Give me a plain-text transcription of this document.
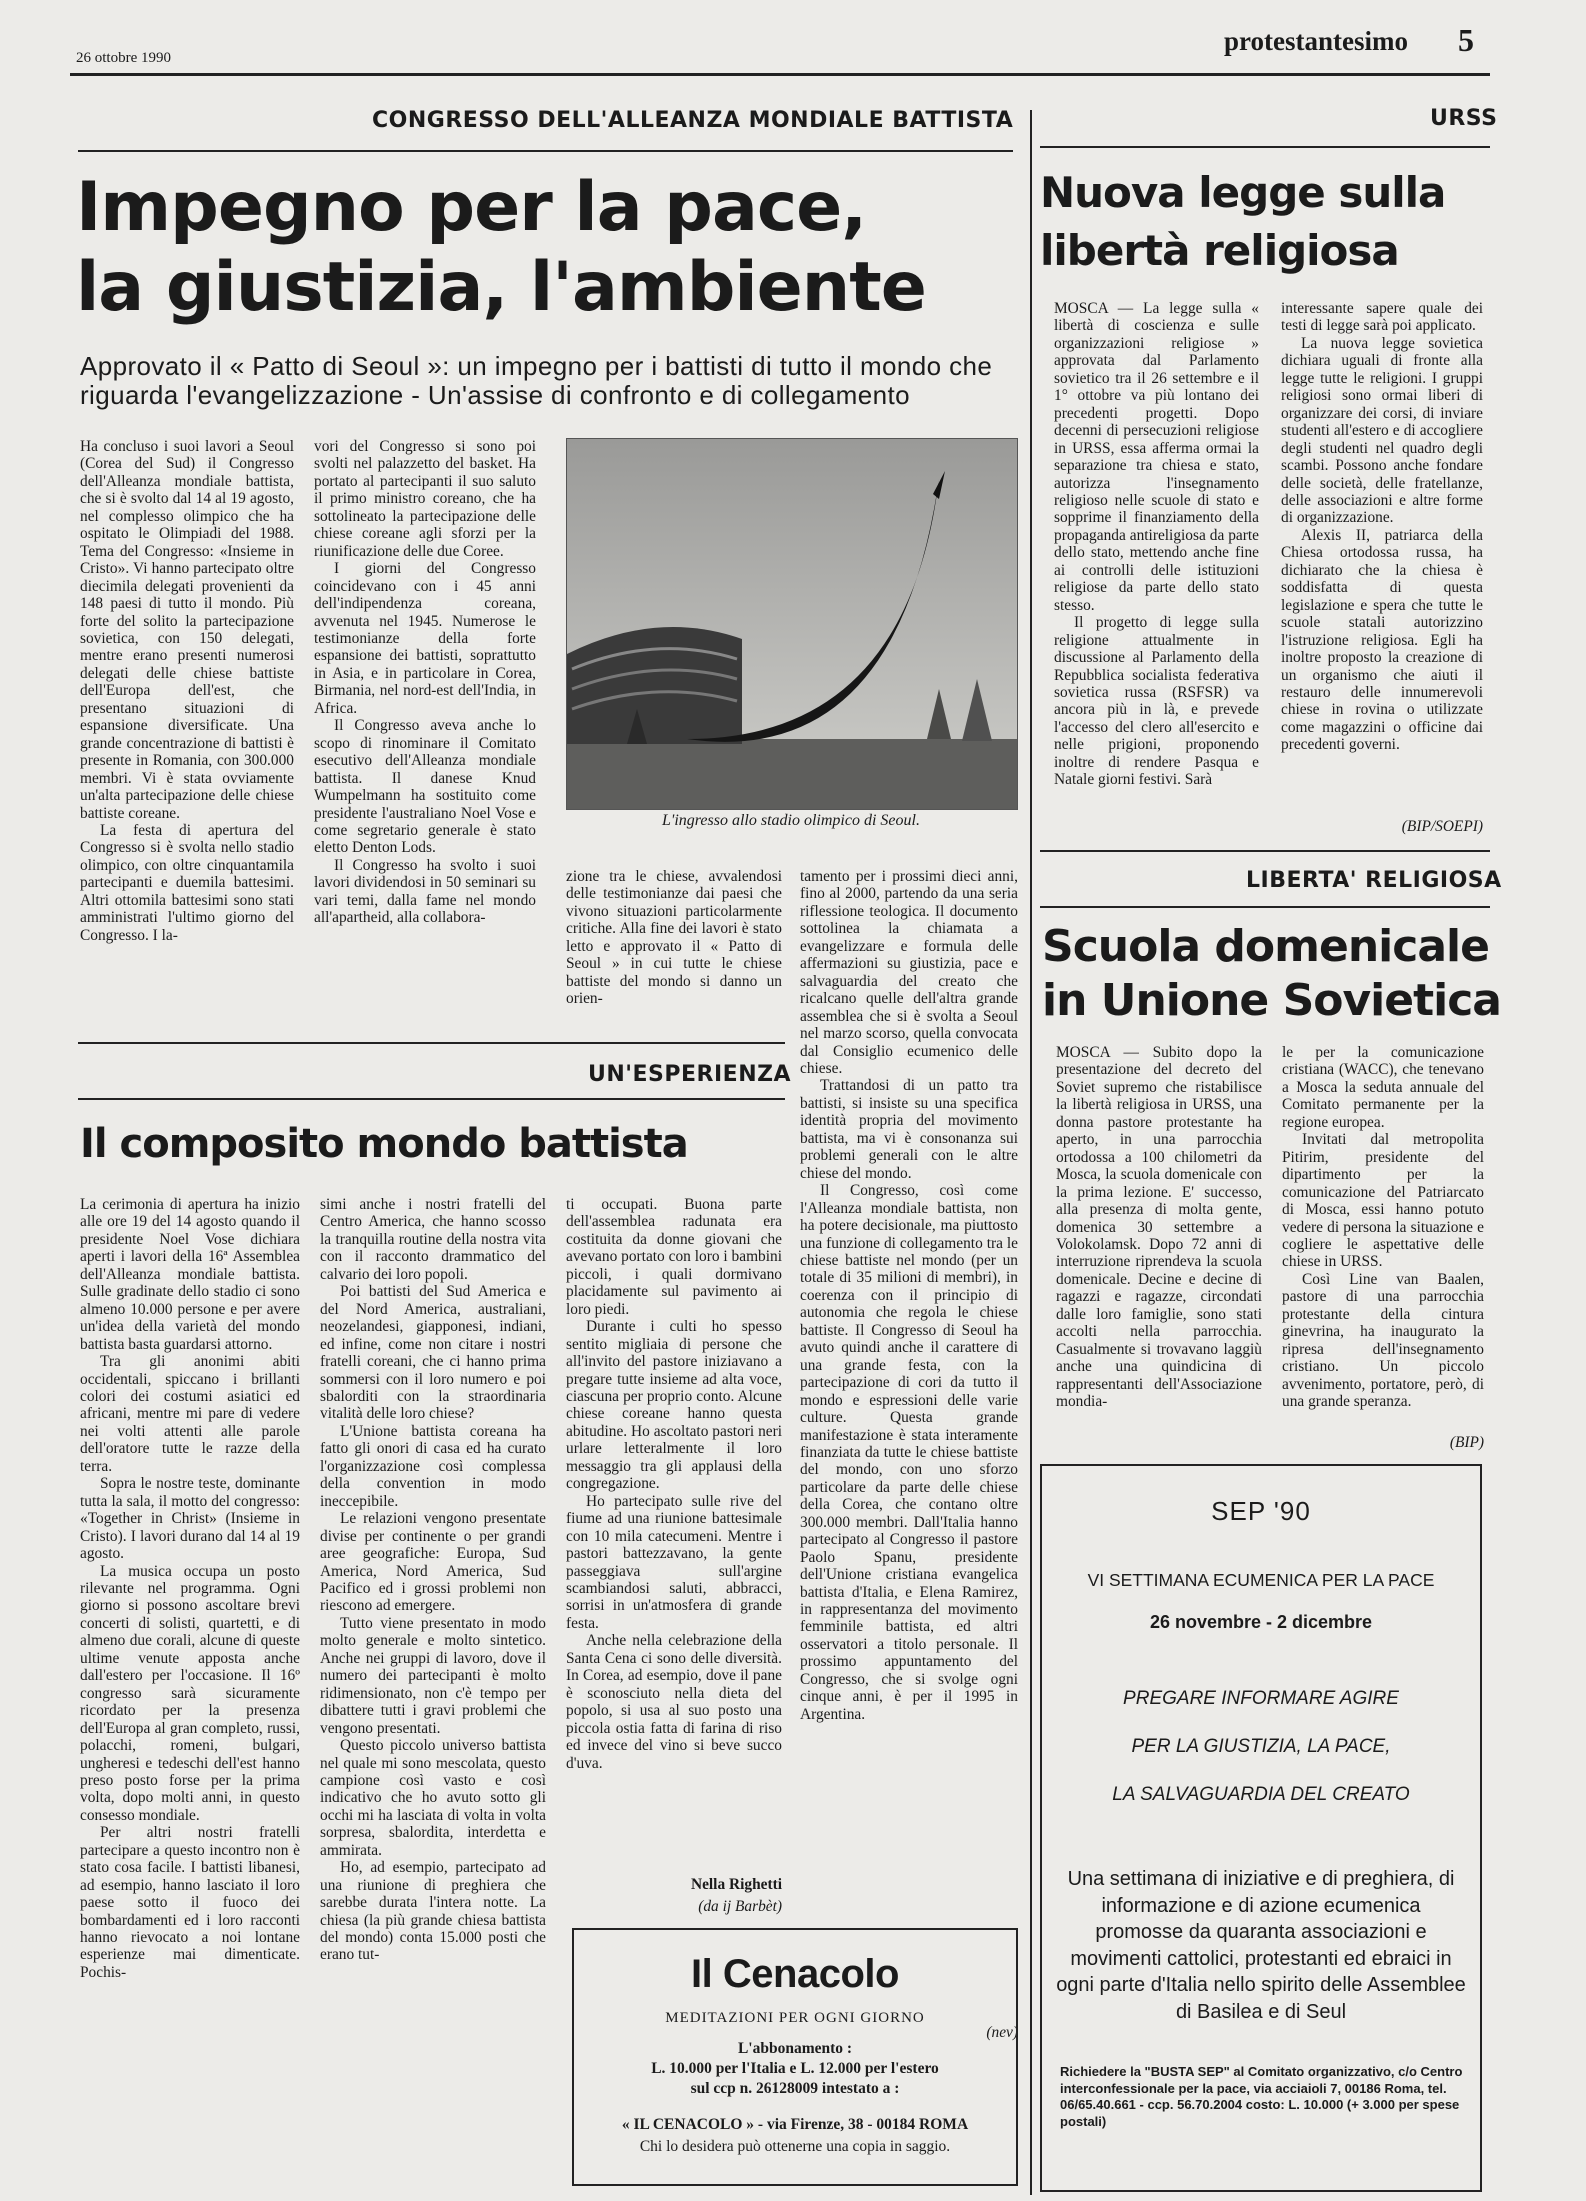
26 ottobre 1990
protestantesimo 5
CONGRESSO DELL'ALLEANZA MONDIALE BATTISTA
Impegno per la pace,
la giustizia, l'ambiente
Approvato il « Patto di Seoul »: un impegno per i battisti di tutto il mondo che riguarda l'evangelizzazione - Un'assise di confronto e di collegamento

Ha concluso i suoi lavori a Seoul (Corea del Sud) il Congresso dell'Alleanza mondiale battista, che si è svolto dal 14 al 19 agosto, nel complesso olimpico che ha ospitato le Olimpiadi del 1988. Tema del Congresso: «Insieme in Cristo». Vi hanno partecipato oltre diecimila delegati provenienti da 148 paesi di tutto il mondo. Più forte del solito la partecipazione sovietica, con 150 delegati, mentre erano presenti numerosi delegati delle chiese battiste dell'Europa dell'est, che presentano situazioni di espansione diversificate. Una grande concentrazione di battisti è presente in Romania, con 300.000 membri. Vi è stata ovviamente un'alta partecipazione delle chiese battiste coreane.

La festa di apertura del Congresso si è svolta nello stadio olimpico, con oltre cinquantamila partecipanti e duemila battesimi. Altri ottomila battesimi sono stati amministrati l'ultimo giorno del Congresso. I la-

vori del Congresso si sono poi svolti nel palazzetto del basket. Ha portato al partecipanti il suo saluto il primo ministro coreano, che ha sottolineato la partecipazione delle chiese coreane agli sforzi per la riunificazione delle due Coree.

I giorni del Congresso coincidevano con i 45 anni dell'indipendenza coreana, avvenuta nel 1945. Numerose le testimonianze della forte espansione dei battisti, soprattutto in Asia, e in particolare in Corea, Birmania, nel nord-est dell'India, in Africa.

Il Congresso aveva anche lo scopo di rinominare il Comitato esecutivo dell'Alleanza mondiale battista. Il danese Knud Wumpelmann ha sostituito come presidente l'australiano Noel Vose e come segretario generale è stato eletto Denton Lods.

Il Congresso ha svolto i suoi lavori dividendosi in 50 seminari su vari temi, dalla fame nel mondo all'apartheid, alla collabora-

L'ingresso allo stadio olimpico di Seoul.

zione tra le chiese, avvalendosi delle testimonianze dai paesi che vivono situazioni particolarmente critiche. Alla fine dei lavori è stato letto e approvato il « Patto di Seoul » in cui tutte le chiese battiste del mondo si danno un orien-

tamento per i prossimi dieci anni, fino al 2000, partendo da una seria riflessione teologica. Il documento sottolinea la chiamata a evangelizzare e formula delle affermazioni su giustizia, pace e salvaguardia del creato che ricalcano quelle dell'altra grande assemblea che si è svolta a Seoul nel marzo scorso, quella convocata dal Consiglio ecumenico delle chiese.

Trattandosi di un patto tra battisti, si insiste su una specifica identità propria del movimento battista, ma vi è consonanza sui problemi generali con le altre chiese del mondo.

Il Congresso, così come l'Alleanza mondiale battista, non ha potere decisionale, ma piuttosto una funzione di collegamento tra le chiese battiste nel mondo (per un totale di 35 milioni di membri), in coerenza con il principio di autonomia che regola le chiese battiste. Il Congresso di Seoul ha avuto quindi anche il carattere di una grande festa, con la partecipazione di cori da tutto il mondo e espressioni delle varie culture. Questa grande manifestazione è stata interamente finanziata da tutte le chiese battiste del mondo, con uno sforzo particolare da parte delle chiese della Corea, che contano oltre 300.000 membri. Dall'Italia hanno partecipato al Congresso il pastore Paolo Spanu, presidente dell'Unione cristiana evangelica battista d'Italia, e Elena Ramirez, in rappresentanza del movimento femminile battista, ed altri osservatori a titolo personale. Il prossimo appuntamento del Congresso, che si svolge ogni cinque anni, è per il 1995 in Argentina.

(nev)
URSS
Nuova legge sulla
libertà religiosa

MOSCA — La legge sulla « libertà di coscienza e sulle organizzazioni religiose » approvata dal Parlamento sovietico tra il 26 settembre e il 1° ottobre va più lontano dei precedenti progetti. Dopo decenni di persecuzioni religiose in URSS, essa afferma ormai la separazione tra chiesa e stato, autorizza l'insegnamento religioso nelle scuole di stato e sopprime il finanziamento della propaganda antireligiosa da parte dello stato, mettendo anche fine ai controlli delle istituzioni religiose da parte dello stato stesso.

Il progetto di legge sulla religione attualmente in discussione al Parlamento della Repubblica socialista federativa sovietica russa (RSFSR) va ancora più in là, e prevede l'accesso del clero all'esercito e nelle prigioni, proponendo inoltre di rendere Pasqua e Natale giorni festivi. Sarà

interessante sapere quale dei testi di legge sarà poi applicato.

La nuova legge sovietica dichiara uguali di fronte alla legge tutte le religioni. I gruppi religiosi sono ormai liberi di organizzare dei corsi, di inviare studenti all'estero e di accogliere degli studenti nel quadro degli scambi. Possono anche fondare delle società, delle fratellanze, delle associazioni e altre forme di organizzazione.

Alexis II, patriarca della Chiesa ortodossa russa, ha dichiarato che la chiesa è soddisfatta di questa legislazione e spera che tutte le scuole statali autorizzino l'istruzione religiosa. Egli ha inoltre proposto la creazione di un organismo che aiuti il restauro delle innumerevoli chiese in rovina o utilizzate come magazzini o officine dai precedenti governi.

(BIP/SOEPI)
LIBERTA' RELIGIOSA
Scuola domenicale
in Unione Sovietica

MOSCA — Subito dopo la presentazione del decreto del Soviet supremo che ristabilisce la libertà religiosa in URSS, una donna pastore protestante ha aperto, in una parrocchia ortodossa a 100 chilometri da Mosca, la scuola domenicale con la prima lezione. E' successo, alla presenza di molta gente, domenica 30 settembre a Volokolamsk. Dopo 72 anni di interruzione riprendeva la scuola domenicale. Decine e decine di ragazzi e ragazze, circondati dalle loro famiglie, sono stati accolti nella parrocchia. Casualmente si trovavano laggiù anche una quindicina di rappresentanti dell'Associazione mondia-

le per la comunicazione cristiana (WACC), che tenevano a Mosca la seduta annuale del Comitato permanente per la regione europea.

Invitati dal metropolita Pitirim, presidente del dipartimento per la comunicazione del Patriarcato di Mosca, essi hanno potuto vedere di persona la situazione e cogliere le aspettative delle chiese in URSS.

Così Line van Baalen, pastore di una parrocchia protestante della cintura ginevrina, ha inaugurato la ripresa dell'insegnamento cristiano. Un piccolo avvenimento, portatore, però, di una grande speranza.

(BIP)
SEP '90
VI SETTIMANA ECUMENICA PER LA PACE
26 novembre - 2 dicembre
PREGARE INFORMARE AGIRE
PER LA GIUSTIZIA, LA PACE,
LA SALVAGUARDIA DEL CREATO
Una settimana di iniziative e di preghiera, di informazione e di azione ecumenica promosse da quaranta associazioni e movimenti cattolici, protestanti ed ebraici in ogni parte d'Italia nello spirito delle Assemblee di Basilea e di Seul
Richiedere la "BUSTA SEP" al Comitato organizzativo, c/o Centro interconfessionale per la pace, via acciaioli 7, 00186 Roma, tel. 06/65.40.661 - ccp. 56.70.2004 costo: L. 10.000 (+ 3.000 per spese postali)
UN'ESPERIENZA
Il composito mondo battista

La cerimonia di apertura ha inizio alle ore 19 del 14 agosto quando il presidente Noel Vose dichiara aperti i lavori della 16ª Assemblea dell'Alleanza mondiale battista. Sulle gradinate dello stadio ci sono almeno 10.000 persone e per avere un'idea della varietà del mondo battista basta guardarsi attorno.

Tra gli anonimi abiti occidentali, spiccano i brillanti colori dei costumi asiatici ed africani, mentre mi pare di vedere nei volti attenti alle parole dell'oratore tutte le razze della terra.

Sopra le nostre teste, dominante tutta la sala, il motto del congresso: «Together in Christ» (Insieme in Cristo). I lavori durano dal 14 al 19 agosto.

La musica occupa un posto rilevante nel programma. Ogni giorno si possono ascoltare brevi concerti di solisti, quartetti, e di almeno due corali, alcune di queste ultime venute apposta anche dall'estero per l'occasione. Il 16º congresso sarà sicuramente ricordato per la presenza dell'Europa al gran completo, russi, polacchi, romeni, bulgari, ungheresi e tedeschi dell'est hanno preso posto forse per la prima volta, dopo molti anni, in questo consesso mondiale.

Per altri nostri fratelli partecipare a questo incontro non è stato cosa facile. I battisti libanesi, ad esempio, hanno lasciato il loro paese sotto il fuoco dei bombardamenti ed i loro racconti hanno rievocato a noi lontane esperienze mai dimenticate. Pochis-

simi anche i nostri fratelli del Centro America, che hanno scosso la tranquilla routine della nostra vita con il racconto drammatico del calvario dei loro popoli.

Poi battisti del Sud America e del Nord America, australiani, neozelandesi, giapponesi, indiani, ed infine, come non citare i nostri fratelli coreani, che ci hanno prima sommersi con il loro numero e poi sbalorditi con la straordinaria vitalità delle loro chiese?

L'Unione battista coreana ha fatto gli onori di casa ed ha curato l'organizzazione così complessa della convention in modo ineccepibile.

Le relazioni vengono presentate divise per continente o per grandi aree geografiche: Europa, Sud America, Nord America, Sud Pacifico ed i grossi problemi non riescono ad emergere.

Tutto viene presentato in modo molto generale e molto sintetico. Anche nei gruppi di lavoro, dove il numero dei partecipanti è molto ridimensionato, non c'è tempo per dibattere tutti i gravi problemi che vengono presentati.

Questo piccolo universo battista nel quale mi sono mescolata, questo campione così vasto e così indicativo che ho avuto sotto gli occhi mi ha lasciata di volta in volta sorpresa, sbalordita, interdetta e ammirata.

Ho, ad esempio, partecipato ad una riunione di preghiera che sarebbe durata l'intera notte. La chiesa (la più grande chiesa battista del mondo) conta 15.000 posti che erano tut-

ti occupati. Buona parte dell'assemblea radunata era costituita da donne giovani che avevano portato con loro i bambini piccoli, i quali dormivano placidamente sul pavimento ai loro piedi.

Durante i culti ho spesso sentito migliaia di persone che all'invito del pastore iniziavano a pregare tutte insieme ad alta voce, ciascuna per proprio conto. Alcune chiese coreane hanno questa abitudine. Ho ascoltato pastori neri urlare letteralmente il loro messaggio tra gli applausi della congregazione.

Ho partecipato sulle rive del fiume ad una riunione battesimale con 10 mila catecumeni. Mentre i pastori battezzavano, la gente passeggiava sull'argine scambiandosi saluti, abbracci, sorrisi in un'atmosfera di grande festa.

Anche nella celebrazione della Santa Cena ci sono delle diversità. In Corea, ad esempio, dove il pane è sconosciuto nella dieta del popolo, si usa al suo posto una piccola ostia fatta di farina di riso ed invece del vino si beve succo d'uva.

Nella Righetti
(da ij Barbèt)
Il Cenacolo
MEDITAZIONI PER OGNI GIORNO
L'abbonamento :
L. 10.000 per l'Italia e L. 12.000 per l'estero
sul ccp n. 26128009 intestato a :
« IL CENACOLO » - via Firenze, 38 - 00184 ROMA
Chi lo desidera può ottenerne una copia in saggio.
